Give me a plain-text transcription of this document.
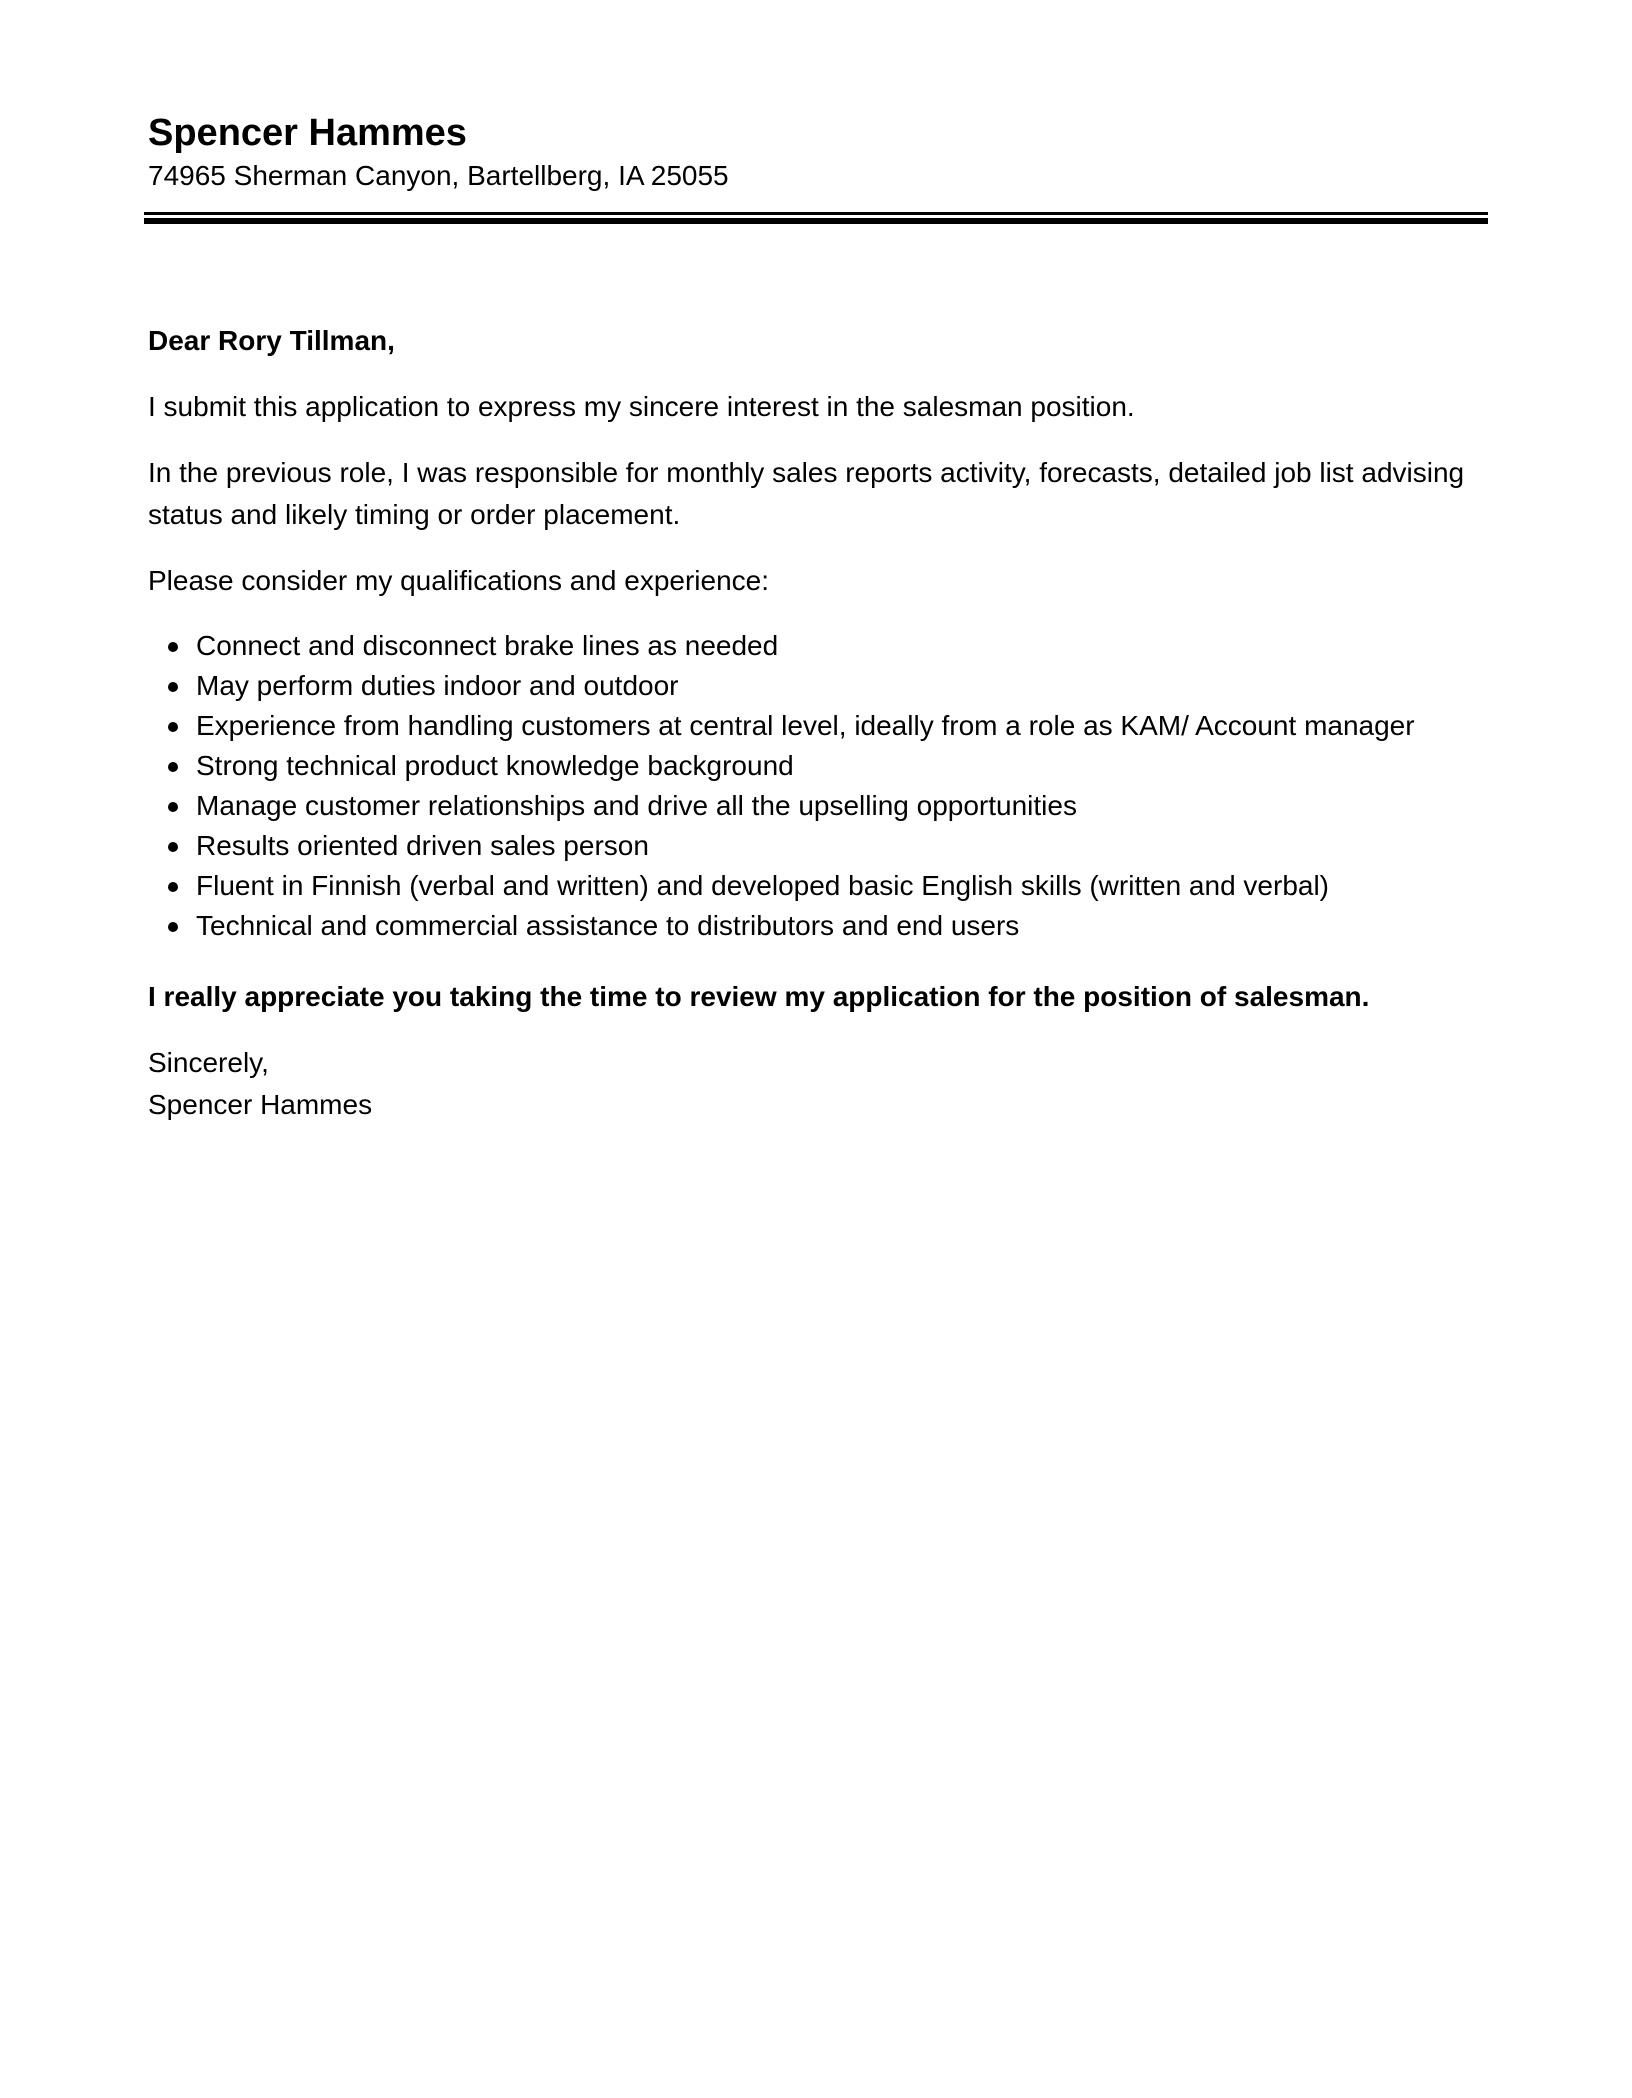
Spencer Hammes

74965 Sherman Canyon, Bartellberg, IA 25055

Dear Rory Tillman,

I submit this application to express my sincere interest in the salesman position.

In the previous role, I was responsible for monthly sales reports activity, forecasts, detailed job list advising status and likely timing or order placement.

Please consider my qualifications and experience:

Connect and disconnect brake lines as needed
May perform duties indoor and outdoor
Experience from handling customers at central level, ideally from a role as KAM/ Account manager
Strong technical product knowledge background
Manage customer relationships and drive all the upselling opportunities
Results oriented driven sales person
Fluent in Finnish (verbal and written) and developed basic English skills (written and verbal)
Technical and commercial assistance to distributors and end users

I really appreciate you taking the time to review my application for the position of salesman.

Sincerely,

Spencer Hammes
